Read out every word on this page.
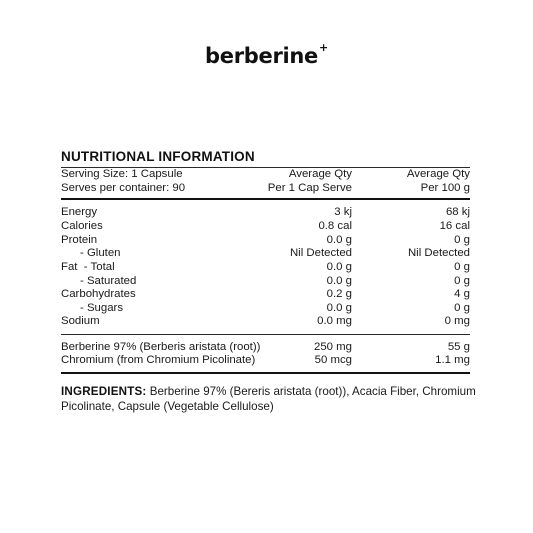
berberine+
NUTRITIONAL INFORMATION
Serving Size: 1 Capsule	Average Qty	Average Qty
Serves per container: 90	Per 1 Cap Serve	Per 100 g
Energy	3 kj	68 kj
Calories	0.8 cal	16 cal
Protein	0.0 g	0 g
- Gluten	Nil Detected	Nil Detected
Fat  - Total	0.0 g	0 g
- Saturated	0.0 g	0 g
Carbohydrates	0.2 g	4 g
- Sugars	0.0 g	0 g
Sodium	0.0 mg	0 mg
Berberine 97% (Berberis aristata (root))	250 mg	55 g
Chromium (from Chromium Picolinate)	50 mcg	1.1 mg
INGREDIENTS: Berberine 97% (Bereris aristata (root)), Acacia Fiber, Chromium Picolinate, Capsule (Vegetable Cellulose)
